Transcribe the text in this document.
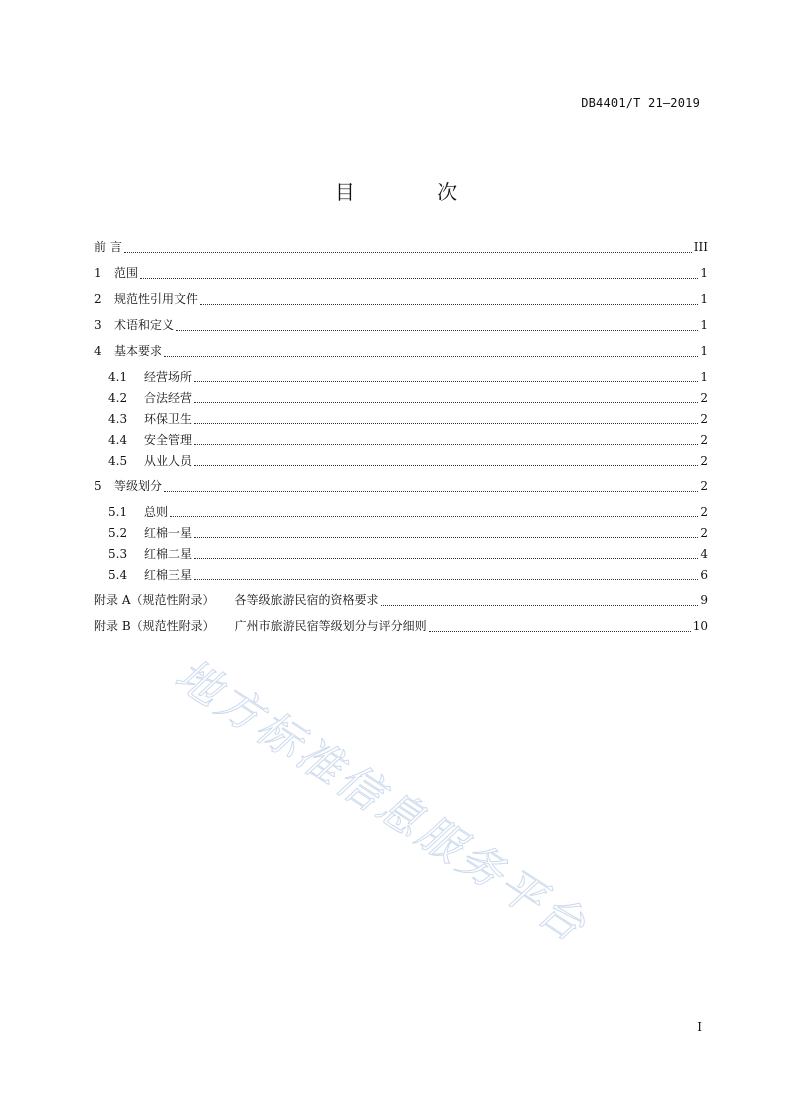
DB4401/T 21—2019
目 次
前 言	III
1	范围	1
2	规范性引用文件	1
3	术语和定义	1
4	基本要求	1
4.1	经营场所	1
4.2	合法经营	2
4.3	环保卫生	2
4.4	安全管理	2
4.5	从业人员	2
5	等级划分	2
5.1	总则	2
5.2	红棉一星	2
5.3	红棉二星	4
5.4	红棉三星	6
附录 A（规范性附录） 各等级旅游民宿的资格要求	9
附录 B（规范性附录） 广州市旅游民宿等级划分与评分细则	10
地方标准信息服务平台
I
